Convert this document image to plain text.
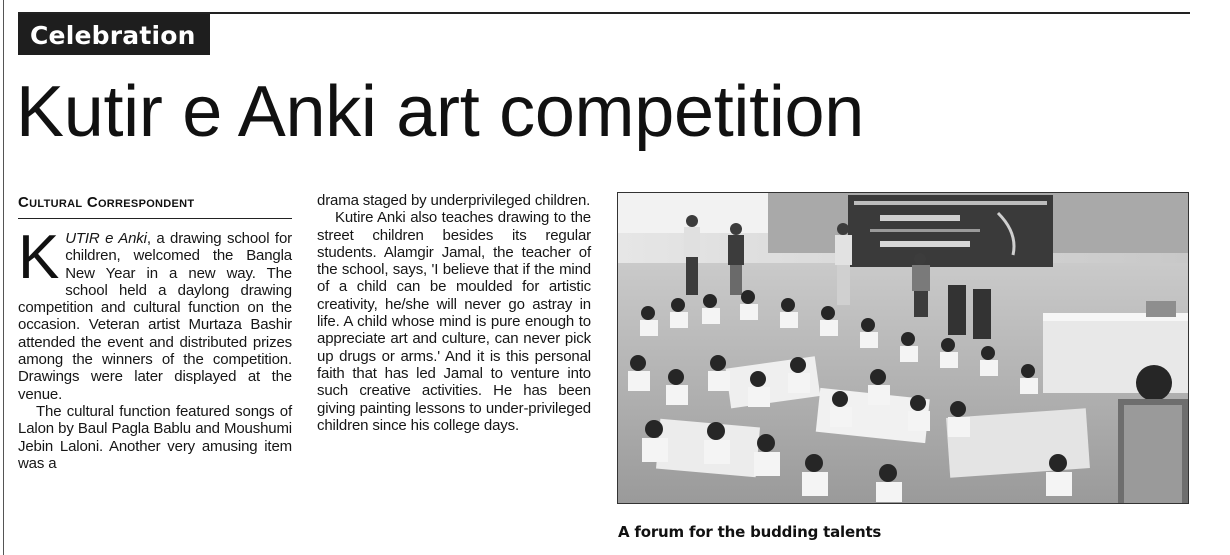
Celebration
Kutir e Anki art competition
Cultural Correspondent

KUTIR e Anki, a drawing school for children, welcomed the Bangla New Year in a new way. The school held a daylong drawing competition and cultural function on the occasion. Veteran artist Murtaza Bashir attended the event and distributed prizes among the winners of the competition. Drawings were later displayed at the venue.

The cultural function featured songs of Lalon by Baul Pagla Bablu and Moushumi Jebin Laloni. Another very amusing item was a

drama staged by underprivileged children.

Kutire Anki also teaches drawing to the street children besides its regular students. Alamgir Jamal, the teacher of the school, says, 'I believe that if the mind of a child can be moulded for artistic creativity, he/she will never go astray in life. A child whose mind is pure enough to appreciate art and culture, can never pick up drugs or arms.' And it is this personal faith that has led Jamal to venture into such creative activities. He has been giving painting lessons to under-privileged children since his college days.

A forum for the budding talents
